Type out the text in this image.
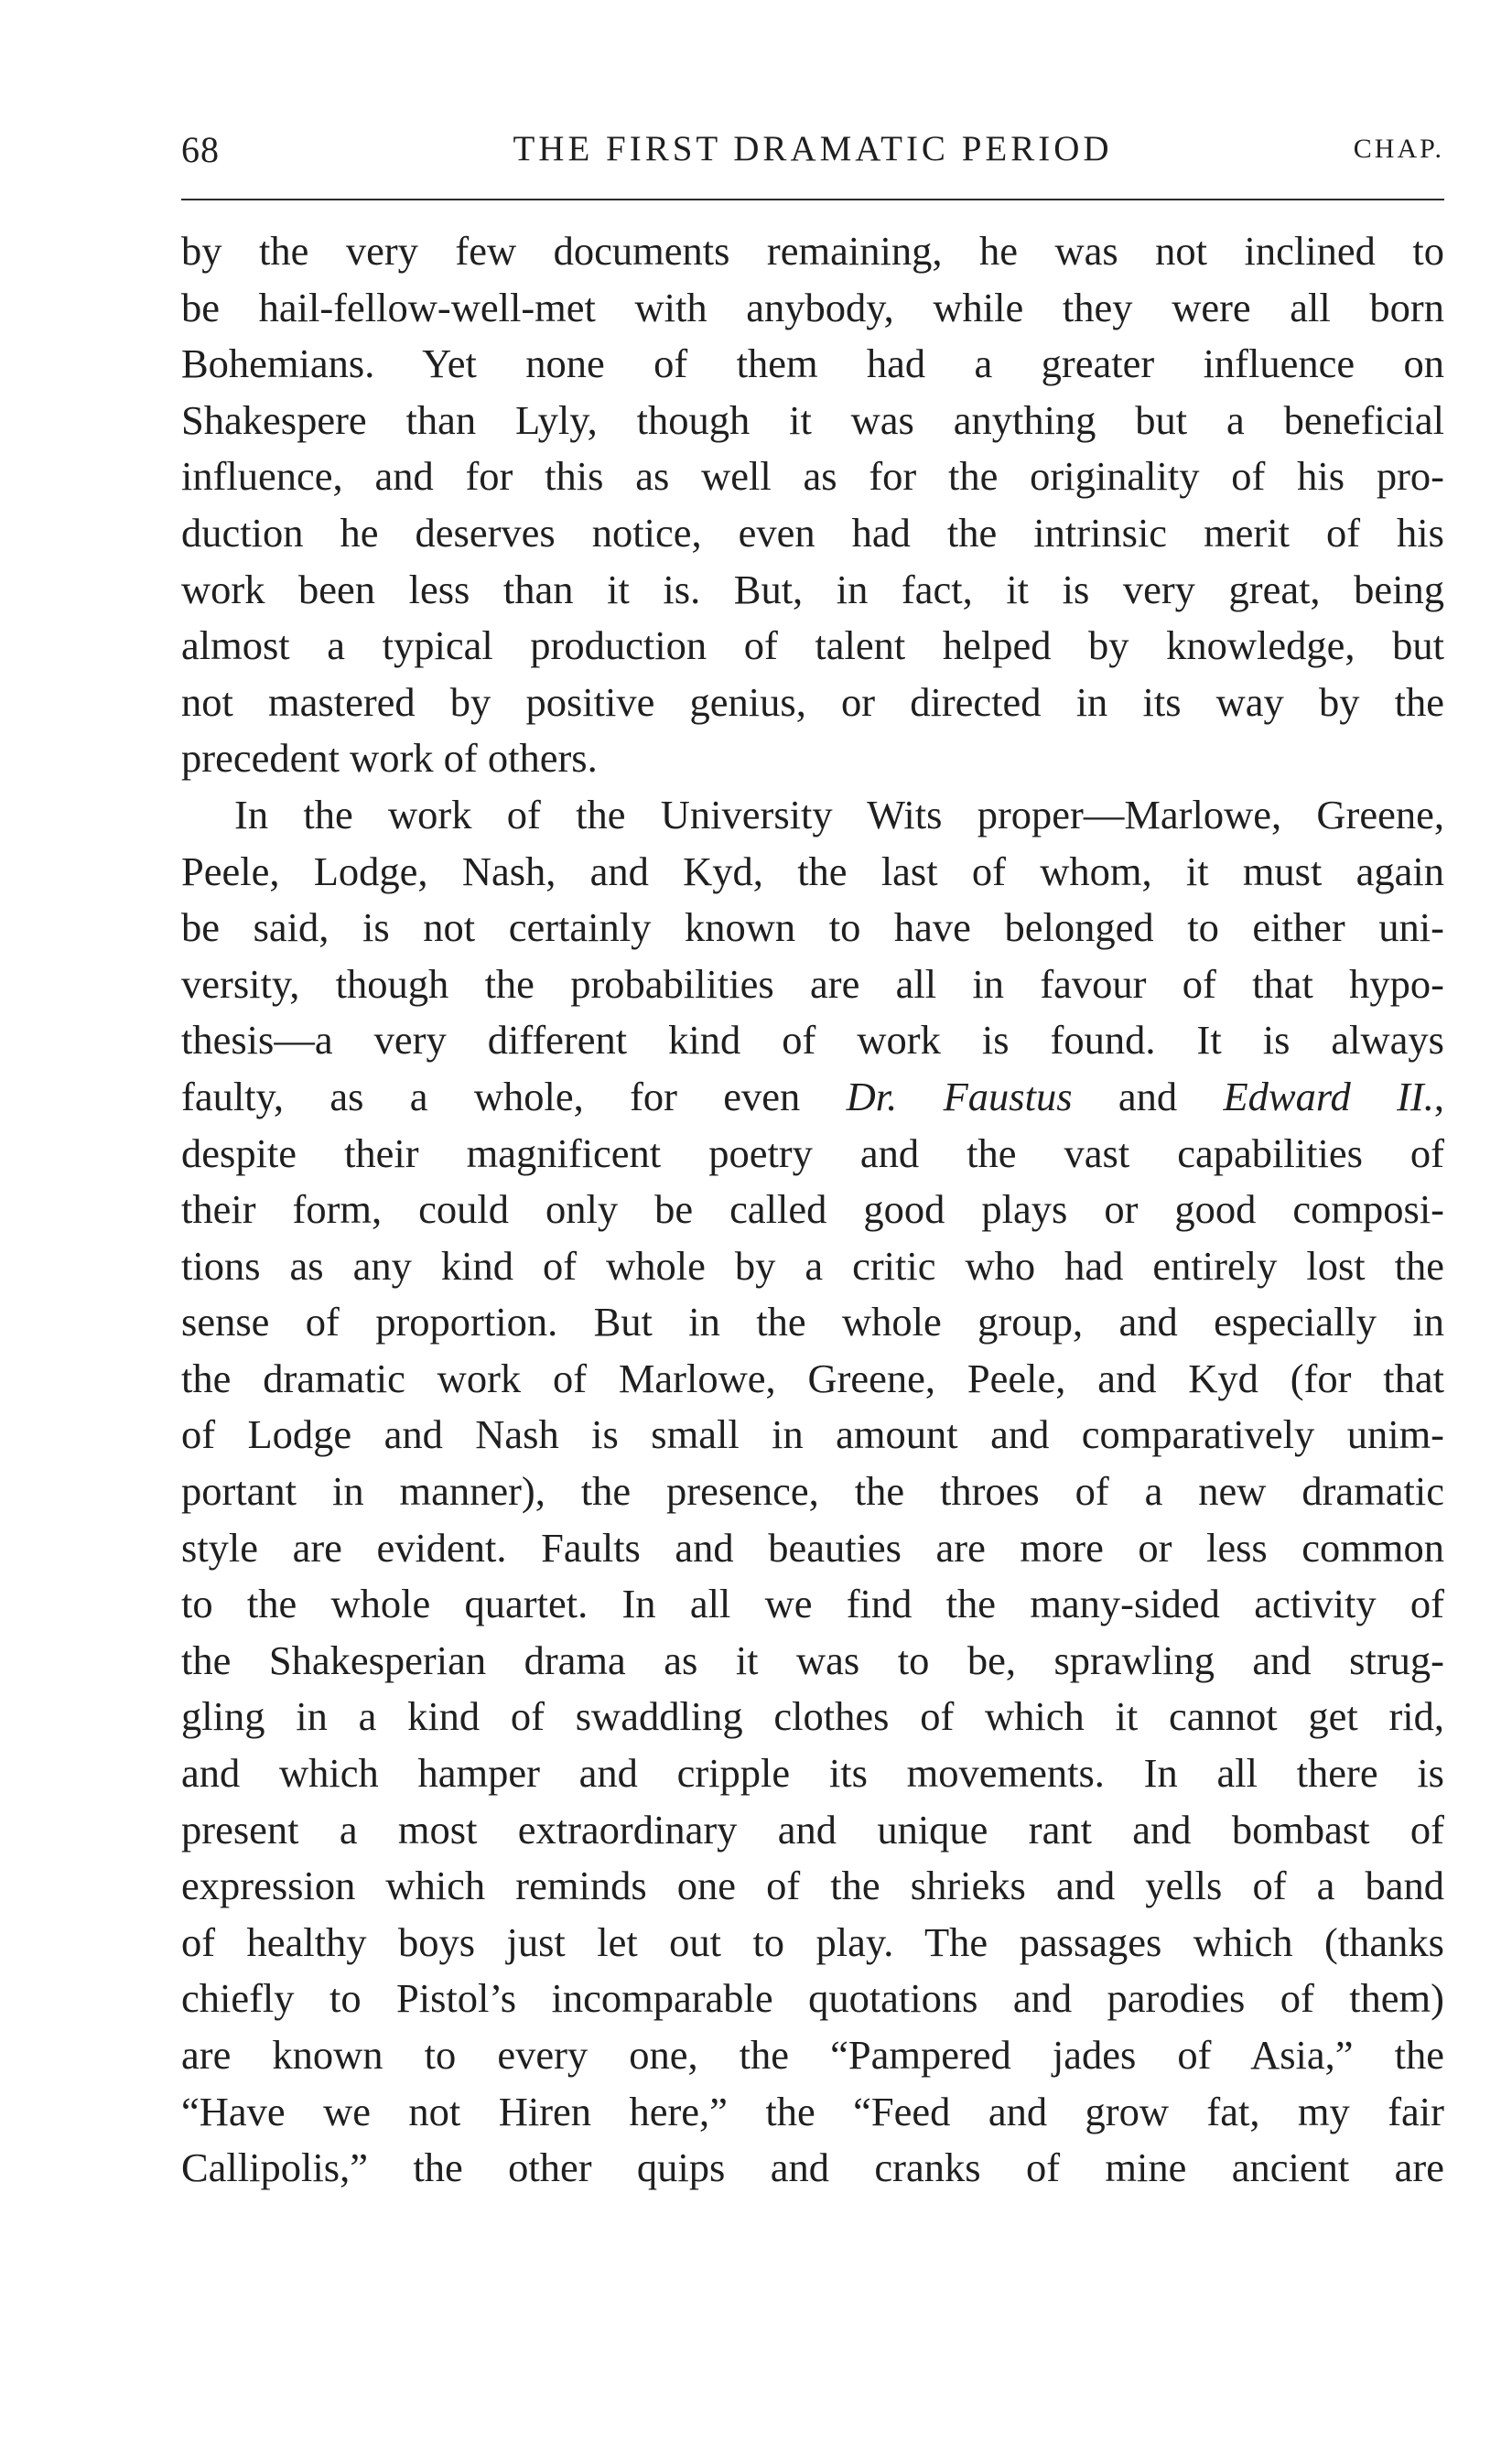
68	THE FIRST DRAMATIC PERIOD	CHAP.
by the very few documents remaining, he was not inclined to
be hail-fellow-well-met with anybody, while they were all born
Bohemians. Yet none of them had a greater influence on
Shakespere than Lyly, though it was anything but a beneficial
influence, and for this as well as for the originality of his pro-
duction he deserves notice, even had the intrinsic merit of his
work been less than it is. But, in fact, it is very great, being
almost a typical production of talent helped by knowledge, but
not mastered by positive genius, or directed in its way by the
precedent work of others.
In the work of the University Wits proper—Marlowe, Greene,
Peele, Lodge, Nash, and Kyd, the last of whom, it must again
be said, is not certainly known to have belonged to either uni-
versity, though the probabilities are all in favour of that hypo-
thesis—a very different kind of work is found. It is always
faulty, as a whole, for even Dr. Faustus and Edward II.,
despite their magnificent poetry and the vast capabilities of
their form, could only be called good plays or good composi-
tions as any kind of whole by a critic who had entirely lost the
sense of proportion. But in the whole group, and especially in
the dramatic work of Marlowe, Greene, Peele, and Kyd (for that
of Lodge and Nash is small in amount and comparatively unim-
portant in manner), the presence, the throes of a new dramatic
style are evident. Faults and beauties are more or less common
to the whole quartet. In all we find the many-sided activity of
the Shakesperian drama as it was to be, sprawling and strug-
gling in a kind of swaddling clothes of which it cannot get rid,
and which hamper and cripple its movements. In all there is
present a most extraordinary and unique rant and bombast of
expression which reminds one of the shrieks and yells of a band
of healthy boys just let out to play. The passages which (thanks
chiefly to Pistol’s incomparable quotations and parodies of them)
are known to every one, the “Pampered jades of Asia,” the
“Have we not Hiren here,” the “Feed and grow fat, my fair
Callipolis,” the other quips and cranks of mine ancient are
